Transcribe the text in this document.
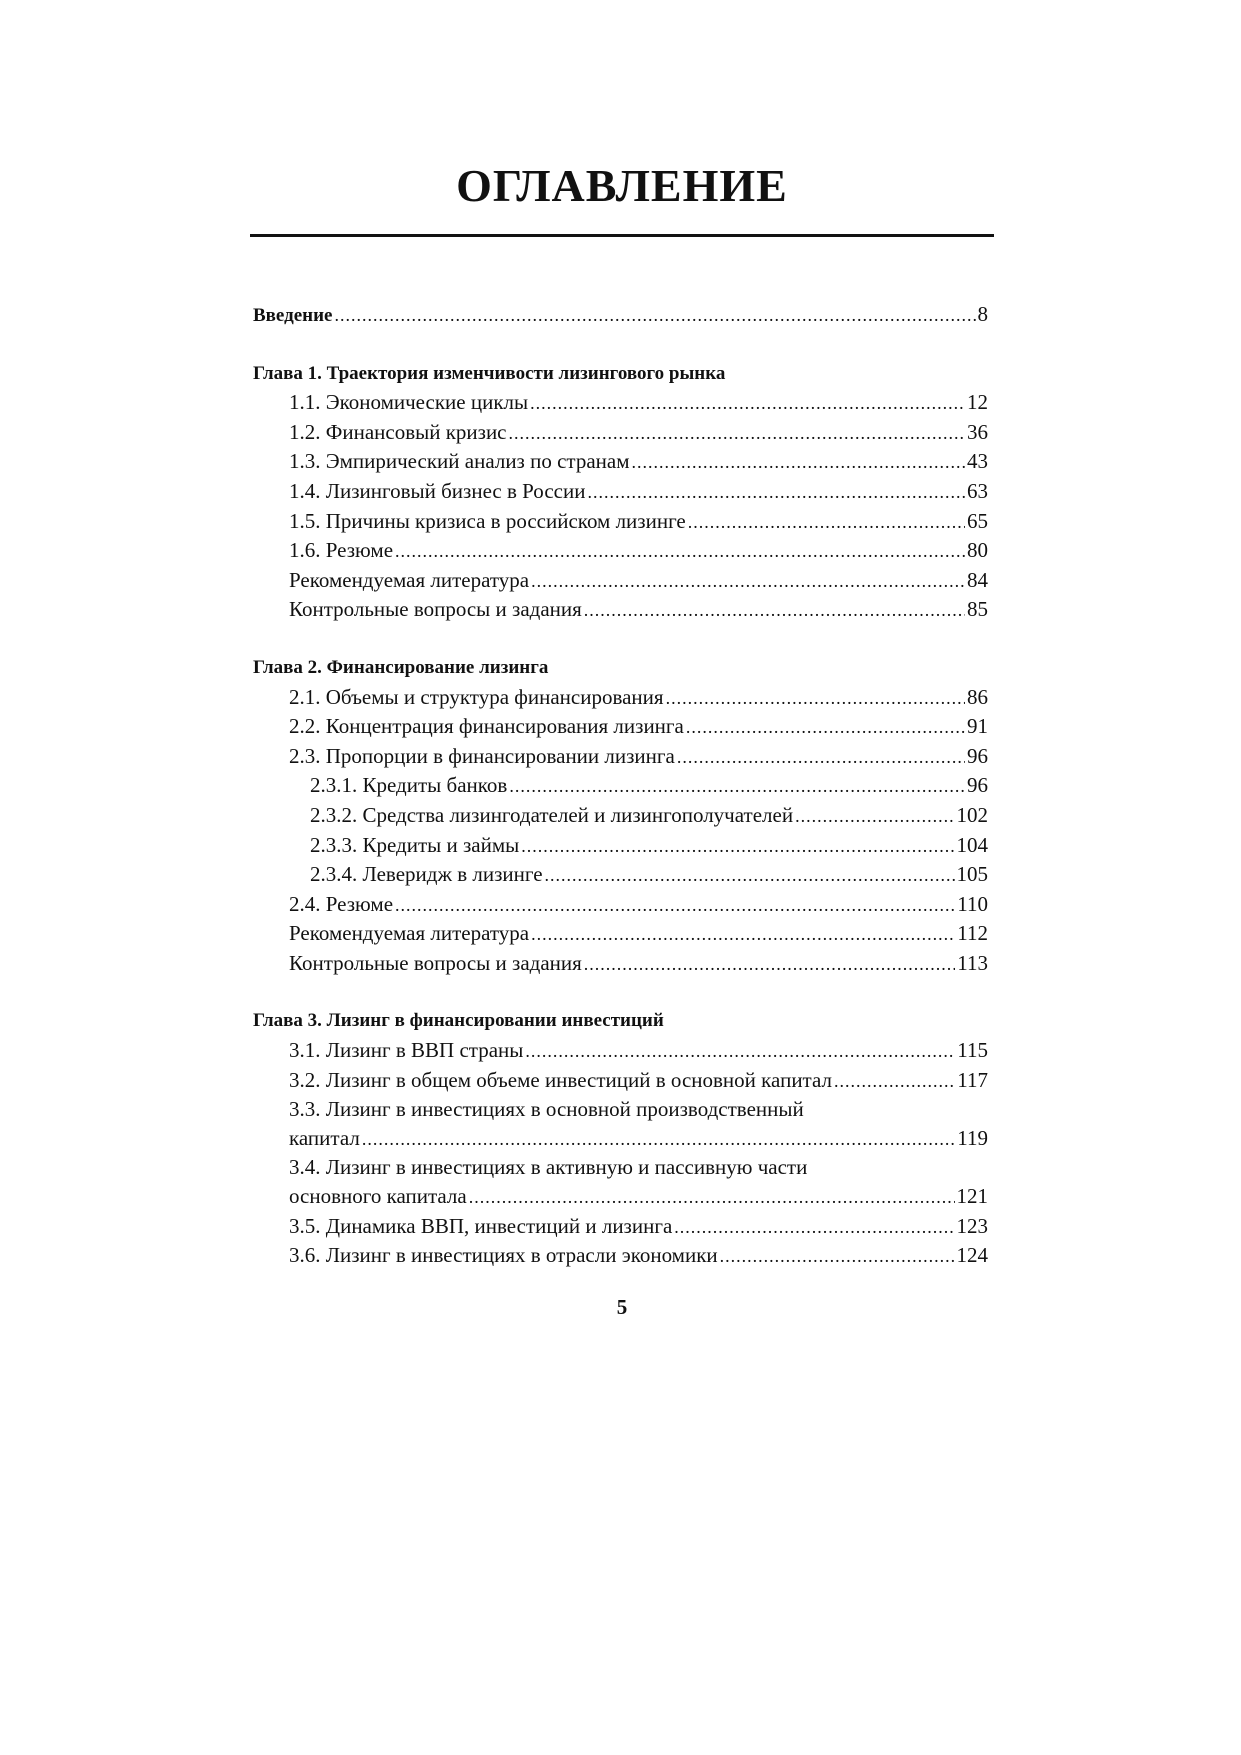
ОГЛАВЛЕНИЕ
Введение .....	8
Глава 1. Траектория изменчивости лизингового рынка
1.1. Экономические циклы .....	12
1.2. Финансовый кризис .....	36
1.3. Эмпирический анализ по странам .....	43
1.4. Лизинговый бизнес в России .....	63
1.5. Причины кризиса в российском лизинге .....	65
1.6. Резюме .....	80
Рекомендуемая литература .....	84
Контрольные вопросы и задания .....	85
Глава 2. Финансирование лизинга
2.1. Объемы и структура финансирования .....	86
2.2. Концентрация финансирования лизинга .....	91
2.3. Пропорции в финансировании лизинга .....	96
2.3.1. Кредиты банков .....	96
2.3.2. Средства лизингодателей и лизингополучателей .....	102
2.3.3. Кредиты и займы .....	104
2.3.4. Леверидж в лизинге .....	105
2.4. Резюме .....	110
Рекомендуемая литература .....	112
Контрольные вопросы и задания .....	113
Глава 3. Лизинг в финансировании инвестиций
3.1. Лизинг в ВВП страны .....	115
3.2. Лизинг в общем объеме инвестиций в основной капитал .....	117
3.3. Лизинг в инвестициях в основной производственный
капитал .....	119
3.4. Лизинг в инвестициях в активную и пассивную части
основного капитала .....	121
3.5. Динамика ВВП, инвестиций и лизинга .....	123
3.6. Лизинг в инвестициях в отрасли экономики .....	124
5
